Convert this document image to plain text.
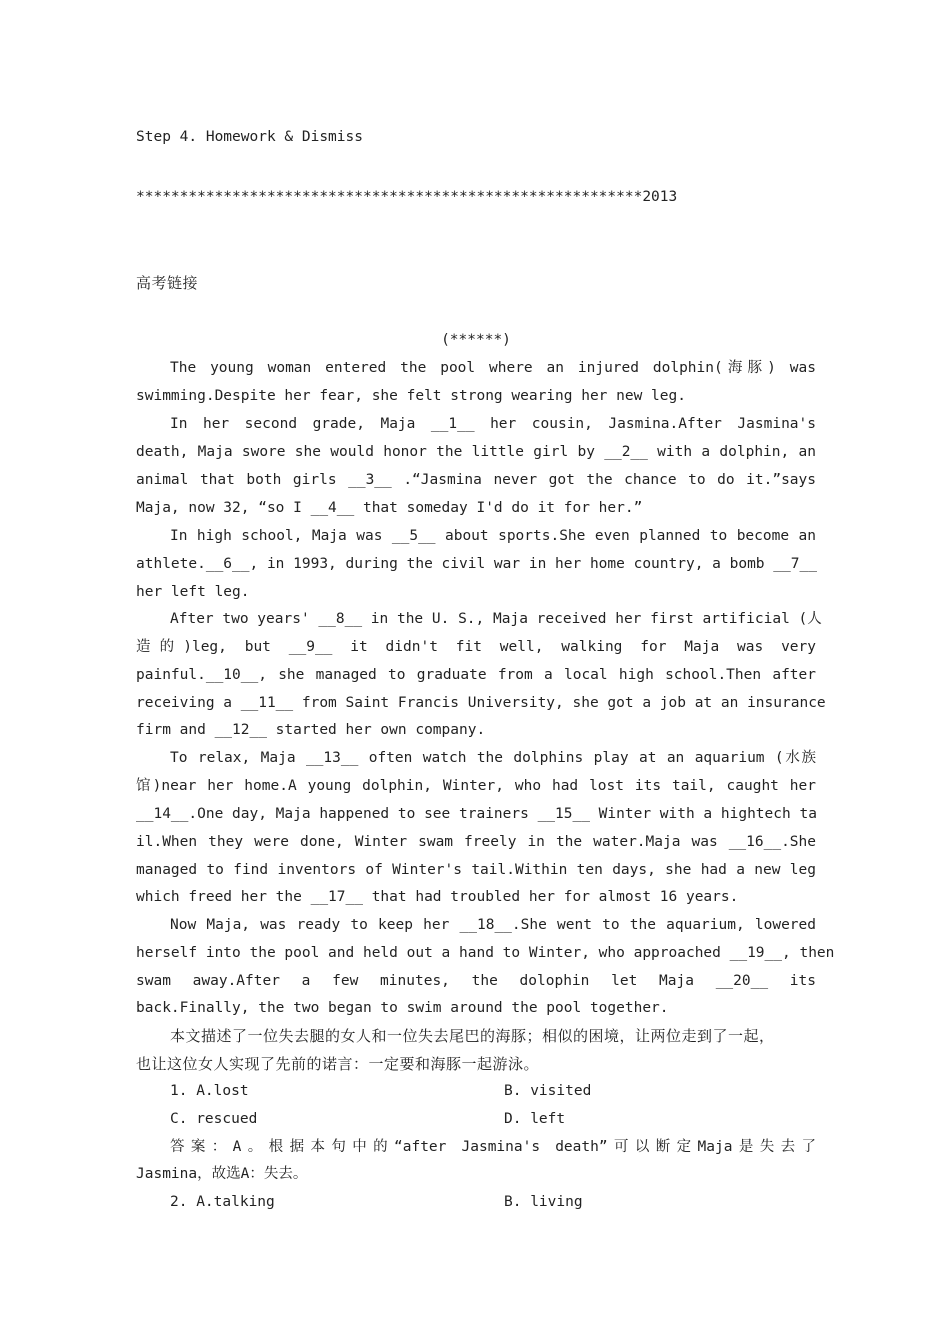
Step 4. Homework & Dismiss
**********************************************************2013
高考链接
(******)
The young woman entered the pool where an injured dolphin(海豚) was
swimming.Despite her fear, she felt strong wearing her new leg.
In her second grade, Maja __1__ her cousin, Jasmina.After Jasmina's
death, Maja swore she would honor the little girl by __2__ with a dolphin, an
animal that both girls __3__ .“Jasmina never got the chance to do it.”says
Maja, now 32, “so I __4__ that someday I'd do it for her.”
In high school, Maja was __5__ about sports.She even planned to become an
athlete.__6__, in 1993, during the civil war in her home country, a bomb __7__
her left leg.
After two years' __8__ in the U. S., Maja received her first artificial (人
造的)leg, but __9__ it didn't fit well, walking for Maja was very
painful.__10__, she managed to graduate from a local high school.Then after
receiving a __11__ from Saint Francis University, she got a job at an insurance
firm and __12__ started her own company.
To relax, Maja __13__ often watch the dolphins play at an aquarium (水族
馆)near her home.A young dolphin, Winter, who had lost its tail, caught her
__14__.One day, Maja happened to see trainers __15__ Winter with a hightech ta
il.When they were done, Winter swam freely in the water.Maja was __16__.She
managed to find inventors of Winter's tail.Within ten days, she had a new leg
which freed her the __17__ that had troubled her for almost 16 years.
Now Maja, was ready to keep her __18__.She went to the aquarium, lowered
herself into the pool and held out a hand to Winter, who approached __19__, then
swam away.After a few minutes, the dolophin let Maja __20__ its
back.Finally, the two began to swim around the pool together.
本文描述了一位失去腿的女人和一位失去尾巴的海豚；相似的困境，让两位走到了一起，
也让这位女人实现了先前的诺言：一定要和海豚一起游泳。
1. A.lost	B. visited
C. rescued	D. left
答案：A。根据本句中的“after Jasmina's death”可以断定Maja是失去了
Jasmina，故选A：失去。
2. A.talking	B. living
